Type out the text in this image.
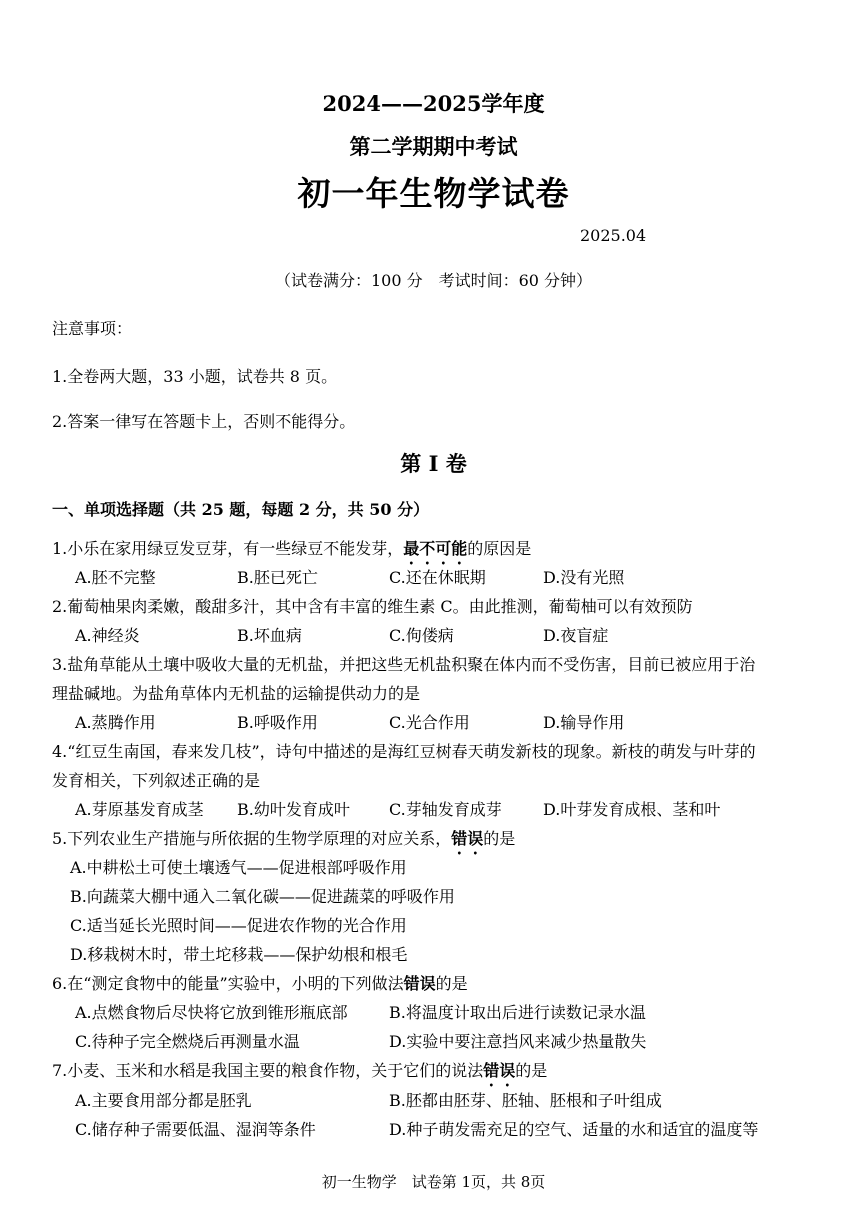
2024——2025学年度
第二学期期中考试
初一年生物学试卷
2025.04
（试卷满分：100 分　考试时间：60 分钟）
注意事项：
1.全卷两大题，33 小题，试卷共 8 页。
2.答案一律写在答题卡上，否则不能得分。
第 I 卷
一、单项选择题（共 25 题，每题 2 分，共 50 分）
1.小乐在家用绿豆发豆芽，有一些绿豆不能发芽，最不可能的原因是
A.胚不完整	B.胚已死亡	C.还在休眠期	D.没有光照
2.葡萄柚果肉柔嫩，酸甜多汁，其中含有丰富的维生素 C。由此推测，葡萄柚可以有效预防
A.神经炎	B.坏血病	C.佝偻病	D.夜盲症
3.盐角草能从土壤中吸收大量的无机盐，并把这些无机盐积聚在体内而不受伤害，目前已被应用于治
理盐碱地。为盐角草体内无机盐的运输提供动力的是
A.蒸腾作用	B.呼吸作用	C.光合作用	D.输导作用
4.“红豆生南国，春来发几枝”，诗句中描述的是海红豆树春天萌发新枝的现象。新枝的萌发与叶芽的
发育相关，下列叙述正确的是
A.芽原基发育成茎 B.幼叶发育成叶 C.芽轴发育成芽	D.叶芽发育成根、茎和叶
5.下列农业生产措施与所依据的生物学原理的对应关系，错误的是
A.中耕松土可使土壤透气——促进根部呼吸作用
B.向蔬菜大棚中通入二氧化碳——促进蔬菜的呼吸作用
C.适当延长光照时间——促进农作物的光合作用
D.移栽树木时，带土坨移栽——保护幼根和根毛
6.在“测定食物中的能量”实验中，小明的下列做法错误的是
A.点燃食物后尽快将它放到锥形瓶底部	B.将温度计取出后进行读数记录水温
C.待种子完全燃烧后再测量水温	D.实验中要注意挡风来减少热量散失
7.小麦、玉米和水稻是我国主要的粮食作物，关于它们的说法错误的是
A.主要食用部分都是胚乳	B.胚都由胚芽、胚轴、胚根和子叶组成
C.储存种子需要低温、湿润等条件	D.种子萌发需充足的空气、适量的水和适宜的温度等
初一生物学　试卷第 1页，共 8页
